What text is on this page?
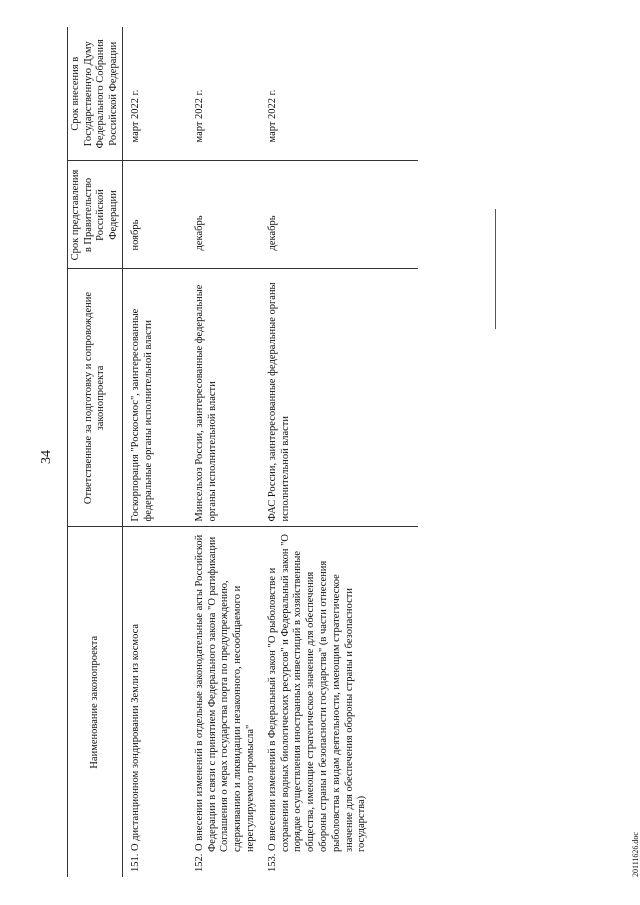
34
Наименование законопроекта	Ответственные за подготовку и сопровождение законопроекта	Срок представления в Правительство Российской Федерации	Срок внесения в Государственную Думу Федерального Собрания Российской Федерации

151. О дистанционном зондировании Земли из космоса	Госкорпорация "Роскосмос", заинтересованные федеральные органы исполнительной власти	ноябрь	март 2022 г.

152. О внесении изменений в отдельные законодательные акты Российской Федерации в связи с принятием Федерального закона "О ратификации Соглашения о мерах государства порта по предупреждению, сдерживанию и ликвидации незаконного, несообщаемого и нерегулируемого промысла"	Минсельхоз России, заинтересованные федеральные органы исполнительной власти	декабрь	март 2022 г.

153. О внесении изменений в Федеральный закон "О рыболовстве и сохранении водных биологических ресурсов" и Федеральный закон "О порядке осуществления иностранных инвестиций в хозяйственные общества, имеющие стратегическое значение для обеспечения обороны страны и безопасности государства" (в части отнесения рыболовства к видам деятельности, имеющим стратегическое значение для обеспечения обороны страны и безопасности государства)	ФАС России, заинтересованные федеральные органы исполнительной власти	декабрь	март 2022 г.
20111626.doc
